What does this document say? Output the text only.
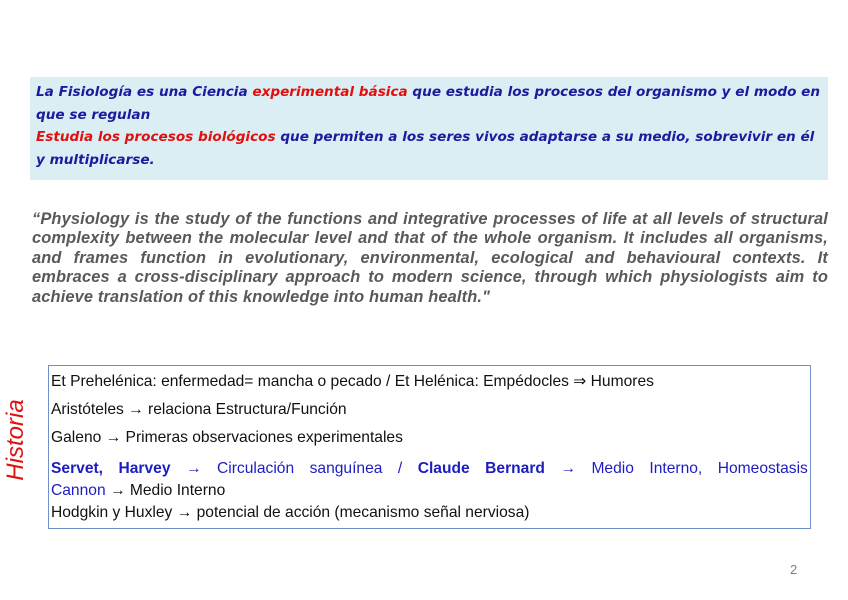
La Fisiología es una Ciencia experimental básica que estudia los procesos del organismo y el modo en que se regulan
Estudia los procesos biológicos que permiten a los seres vivos adaptarse a su medio, sobrevivir en él y multiplicarse.
“Physiology is the study of the functions and integrative processes of life at all levels of structural complexity between the molecular level and that of the whole organism. It includes all organisms, and frames function in evolutionary, environmental, ecological and behavioural contexts. It embraces a cross-disciplinary approach to modern science, through which physiologists aim to achieve translation of this knowledge into human health."
Historia
Et Prehelénica: enfermedad= mancha o pecado / Et Helénica: Empédocles ⇒ Humores
Aristóteles → relaciona Estructura/Función
Galeno → Primeras observaciones experimentales
Servet, Harvey → Circulación sanguínea / Claude Bernard → Medio Interno, Homeostasis
Cannon → Medio Interno
Hodgkin y Huxley → potencial de acción (mecanismo señal nerviosa)
2
